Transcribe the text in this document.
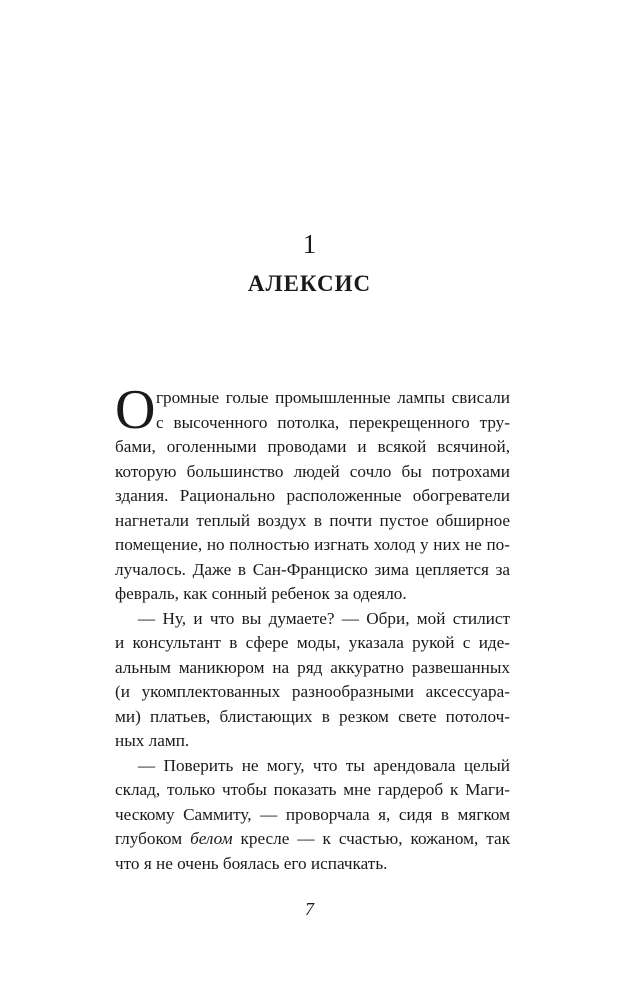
1
АЛЕКСИС
О громные голые промышленные лампы свисали
с высоченного потолка, перекрещенного тру-
бами, оголенными проводами и всякой всячиной,
которую большинство людей сочло бы потрохами
здания. Рационально расположенные обогреватели
нагнетали теплый воздух в почти пустое обширное
помещение, но полностью изгнать холод у них не по-
лучалось. Даже в Сан-Франциско зима цепляется за
февраль, как сонный ребенок за одеяло.
— Ну, и что вы думаете? — Обри, мой стилист
и консультант в сфере моды, указала рукой с иде-
альным маникюром на ряд аккуратно развешанных
(и укомплектованных разнообразными аксессуара-
ми) платьев, блистающих в резком свете потолоч-
ных ламп.
— Поверить не могу, что ты арендовала целый
склад, только чтобы показать мне гардероб к Маги-
ческому Саммиту, — проворчала я, сидя в мягком
глубоком белом кресле — к счастью, кожаном, так
что я не очень боялась его испачкать.
7
